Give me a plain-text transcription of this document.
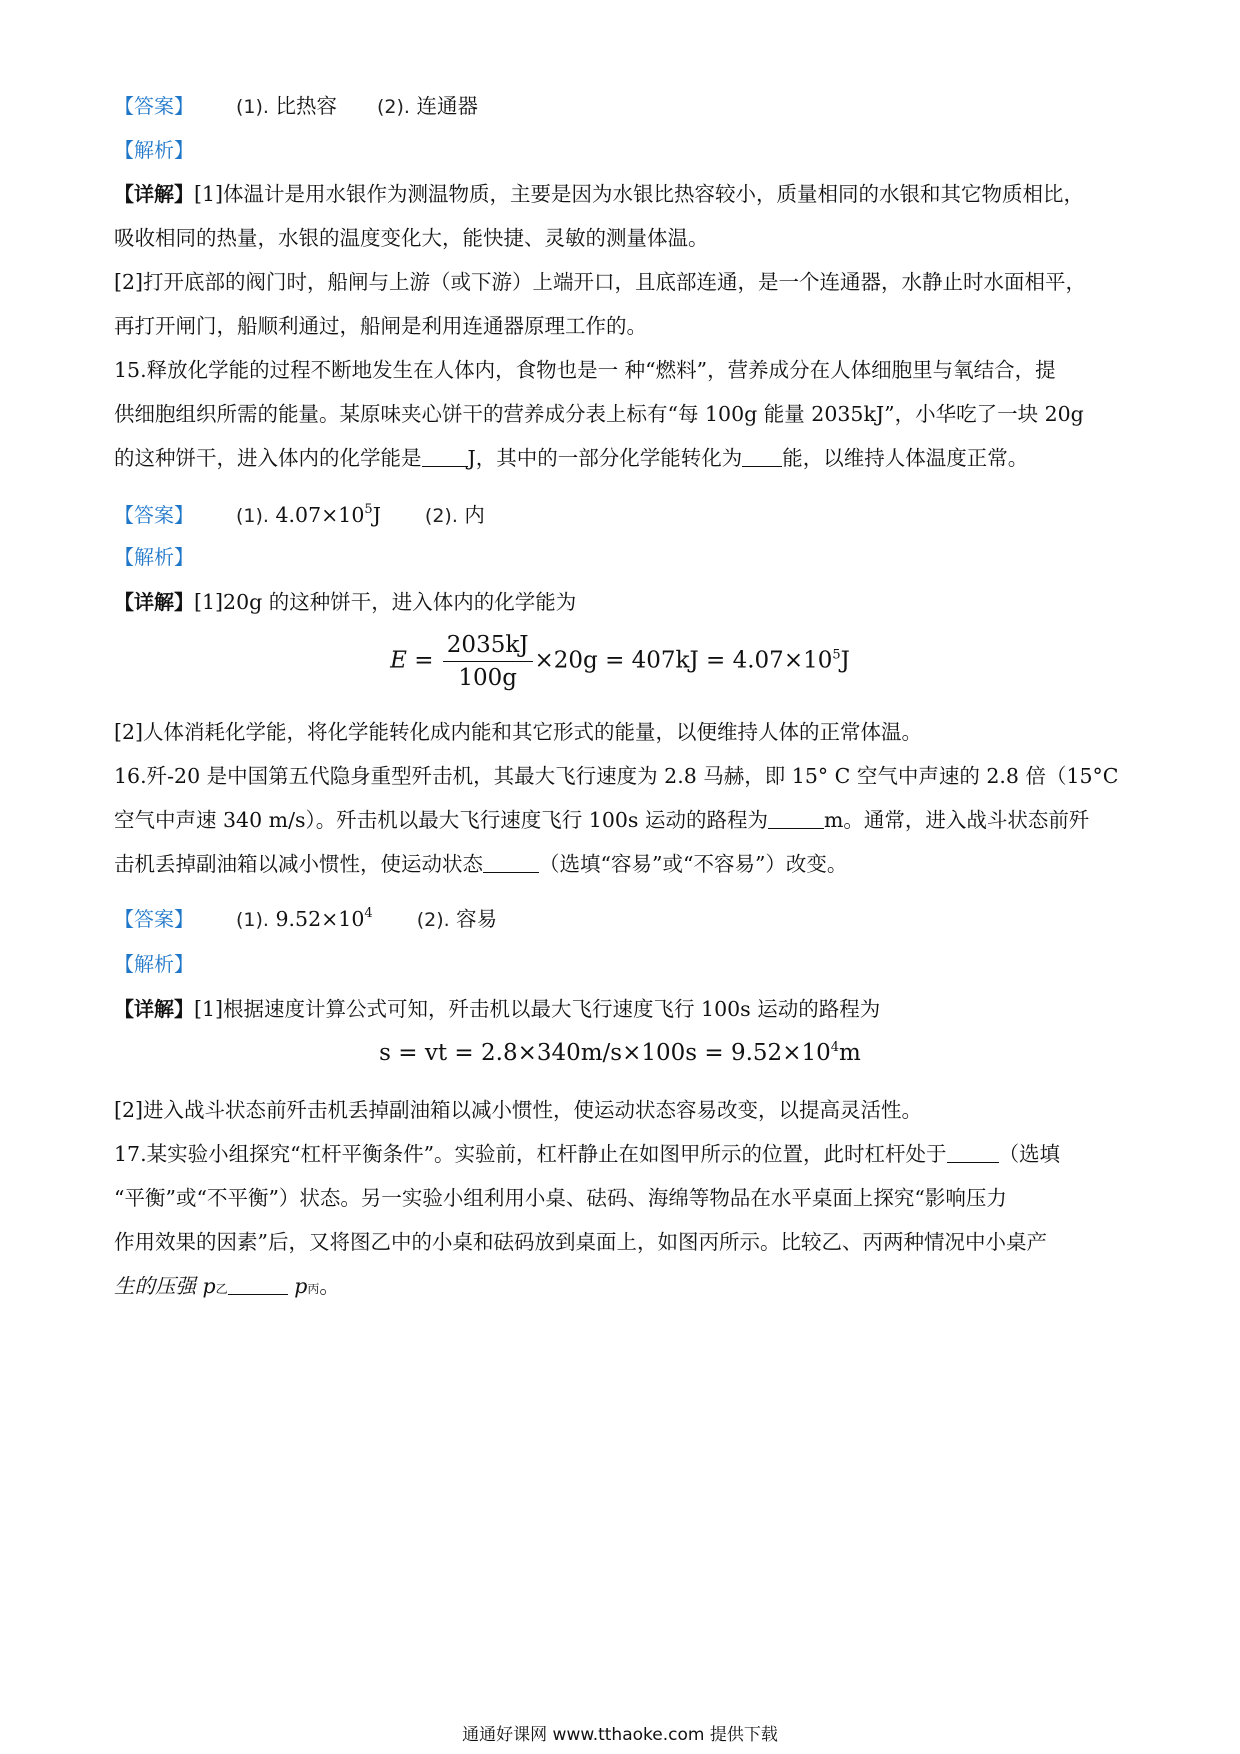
【答案】 (1). 比热容 (2). 连通器
【解析】
【详解】[1]体温计是用水银作为测温物质，主要是因为水银比热容较小，质量相同的水银和其它物质相比，
吸收相同的热量，水银的温度变化大，能快捷、灵敏的测量体温。
[2]打开底部的阀门时，船闸与上游（或下游）上端开口，且底部连通，是一个连通器，水静止时水面相平，
再打开闸门，船顺利通过，船闸是利用连通器原理工作的。
15.释放化学能的过程不断地发生在人体内，食物也是一 种“燃料”，营养成分在人体细胞里与氧结合，提
供细胞组织所需的能量。某原味夹心饼干的营养成分表上标有“每 100g 能量 2035kJ”，小华吃了一块 20g
的这种饼干，进入体内的化学能是 J，其中的一部分化学能转化为 能，以维持人体温度正常。
【答案】 (1). $4.07\times 10^5J$ (2). 内
【解析】
【详解】[1]20g 的这种饼干，进入体内的化学能为
$E = \frac{2035kJ}{100g} \times 20g = 407kJ = 4.07\times 10^5J$
[2]人体消耗化学能，将化学能转化成内能和其它形式的能量，以便维持人体的正常体温。
16.歼-20 是中国第五代隐身重型歼击机，其最大飞行速度为 2.8 马赫，即 15° C 空气中声速的 2.8 倍（15°C
空气中声速 340 m/s）。歼击机以最大飞行速度飞行 100s 运动的路程为	m。通常，进入战斗状态前歼
击机丢掉副油箱以减小惯性，使运动状态	（选填“容易”或“不容易”）改变。
【答案】 (1). $9.52\times 10^4$ (2). 容易
【解析】
【详解】[1]根据速度计算公式可知，歼击机以最大飞行速度飞行 100s 运动的路程为
s = vt = $2.8\times 340m/s\times 100s = 9.52\times 10^4m$
[2]进入战斗状态前歼击机丢掉副油箱以减小惯性，使运动状态容易改变，以提高灵活性。
17.某实验小组探究“杠杆平衡条件”。实验前，杠杆静止在如图甲所示的位置，此时杠杆处于	（选填
“平衡”或“不平衡”）状态。另一实验小组利用小桌、砝码、海绵等物品在水平桌面上探究“影响压力
作用效果的因素”后，又将图乙中的小桌和砝码放到桌面上，如图丙所示。比较乙、丙两种情况中小桌产
生的压强 p乙	p丙。
通通好课网 www.tthaoke.com 提供下载
